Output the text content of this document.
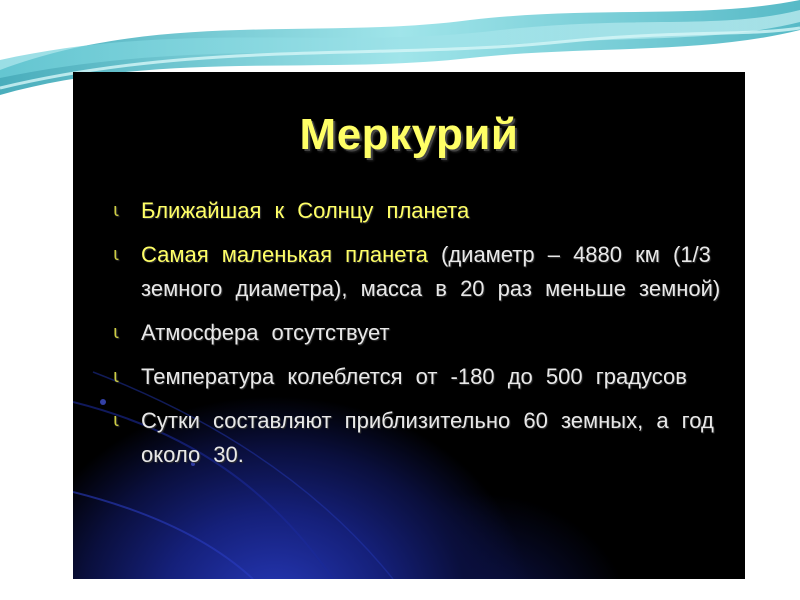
Меркурий
ɩ Ближайшая к Солнцу планета
ɩ Самая маленькая планета (диаметр – 4880 км (1/3 земного диаметра), масса в 20 раз меньше земной)
ɩ Атмосфера отсутствует
ɩ Температура колеблется от -180 до 500 градусов
ɩ Сутки составляют приблизительно 60 земных, а год около 30.
